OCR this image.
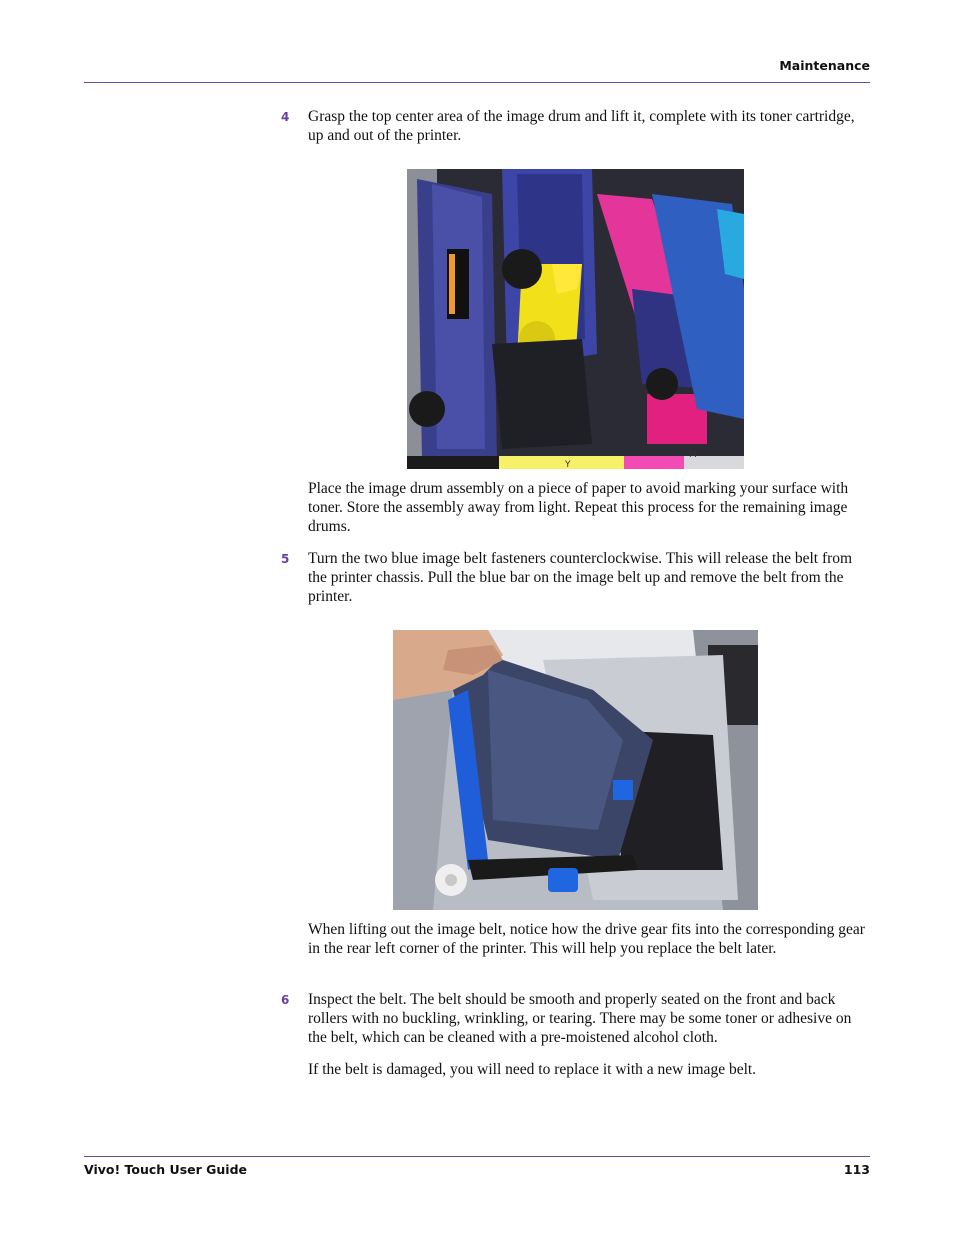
Maintenance
4 Grasp the top center area of the image drum and lift it, complete with its toner cartridge, up and out of the printer.

Y
M

Place the image drum assembly on a piece of paper to avoid marking your surface with toner. Store the assembly away from light. Repeat this process for the remaining image drums.

5 Turn the two blue image belt fasteners counterclockwise. This will release the belt from the printer chassis. Pull the blue bar on the image belt up and remove the belt from the printer.

When lifting out the image belt, notice how the drive gear fits into the corresponding gear in the rear left corner of the printer. This will help you replace the belt later.

6 Inspect the belt. The belt should be smooth and properly seated on the front and back rollers with no buckling, wrinkling, or tearing. There may be some toner or adhesive on the belt, which can be cleaned with a pre-moistened alcohol cloth.

If the belt is damaged, you will need to replace it with a new image belt.

Vivo! Touch User Guide	113
